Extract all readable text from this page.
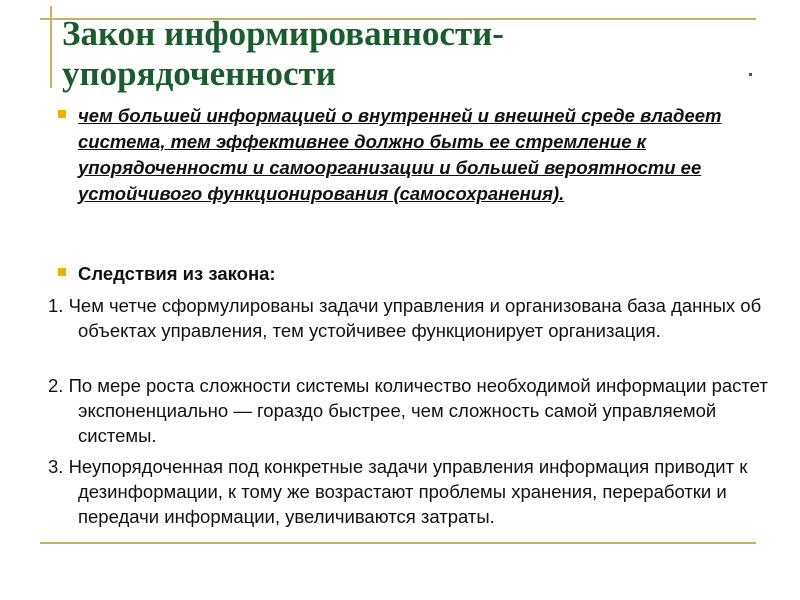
Закон информированности-упорядоченности

чем большей информацией о внутренней и внешней среде владеет система, тем эффективнее должно быть ее стремление к упорядоченности и самоорганизации и большей вероятности ее устойчивого функционирования (самосохранения).

Следствия из закона:

1. Чем четче сформулированы задачи управления и организована база данных об объектах управления, тем устойчивее функционирует организация.

2. По мере роста сложности системы количество необходимой информации растет экспоненциально — гораздо быстрее, чем сложность самой управляемой системы.

3. Неупорядоченная под конкретные задачи управления информация приводит к дезинформации, к тому же возрастают проблемы хранения, переработки и передачи информации, увеличиваются затраты.
